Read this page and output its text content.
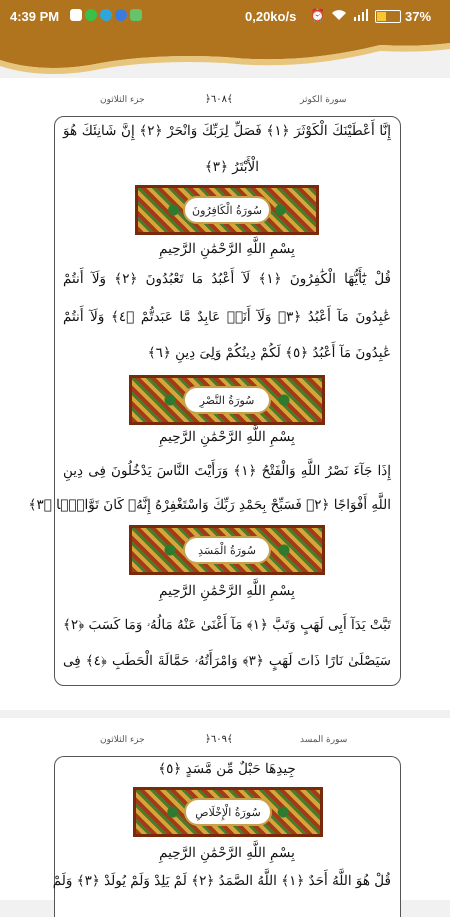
4:39 PM	0,20ko/s ⏰	37%
جزء الثلاثون	﴿٦٠٨﴾	سورة الكوثر
إِنَّا أَعْطَيْنَكَ الْكَوْثَرَ ﴿١﴾ فَصَلِّ لِرَبِّكَ وَانْحَرْ ﴿٢﴾ إِنَّ شَانِئَكَ هُوَ
الْأَبْتَرُ ﴿٣﴾
سُورَةُ الْكَافِرُونَ
بِسْمِ اللَّهِ الرَّحْمَٰنِ الرَّحِيمِ
قُلْ يَٰٓأَيُّهَا الْكَٰفِرُونَ ﴿١﴾ لَآ أَعْبُدُ مَا تَعْبُدُونَ ﴿٢﴾ وَلَآ أَنتُمْ
عَٰبِدُونَ مَآ أَعْبُدُ ﴿٣﴾ وَلَآ أَنَا۠ عَابِدٌ مَّا عَبَدتُّمْ ﴿٤﴾ وَلَآ أَنتُمْ
عَٰبِدُونَ مَآ أَعْبُدُ ﴿٥﴾ لَكُمْ دِينُكُمْ وَلِىَ دِينِ ﴿٦﴾
سُورَةُ النَّصْرِ
بِسْمِ اللَّهِ الرَّحْمَٰنِ الرَّحِيمِ
إِذَا جَآءَ نَصْرُ اللَّهِ وَالْفَتْحُ ﴿١﴾ وَرَأَيْتَ النَّاسَ يَدْخُلُونَ فِى دِينِ
اللَّهِ أَفْوَاجًا ﴿٢﴾ فَسَبِّحْ بِحَمْدِ رَبِّكَ وَاسْتَغْفِرْهُ إِنَّهُۥ كَانَ تَوَّابًۢا ﴿٣﴾
سُورَةُ الْمَسَدِ
بِسْمِ اللَّهِ الرَّحْمَٰنِ الرَّحِيمِ
تَبَّتْ يَدَآ أَبِى لَهَبٍ وَتَبَّ ﴿١﴾ مَآ أَغْنَىٰ عَنْهُ مَالُهُۥ وَمَا كَسَبَ ﴿٢﴾
سَيَصْلَىٰ نَارًا ذَاتَ لَهَبٍ ﴿٣﴾ وَامْرَأَتُهُۥ حَمَّالَةَ الْحَطَبِ ﴿٤﴾ فِى
جزء الثلاثون	﴿٦٠٩﴾	سورة المسد
جِيدِهَا حَبْلٌ مِّن مَّسَدٍ ﴿٥﴾
سُورَةُ الْإِخْلَاصِ
بِسْمِ اللَّهِ الرَّحْمَٰنِ الرَّحِيمِ
قُلْ هُوَ اللَّهُ أَحَدٌ ﴿١﴾ اللَّهُ الصَّمَدُ ﴿٢﴾ لَمْ يَلِدْ وَلَمْ يُولَدْ ﴿٣﴾ وَلَمْ
